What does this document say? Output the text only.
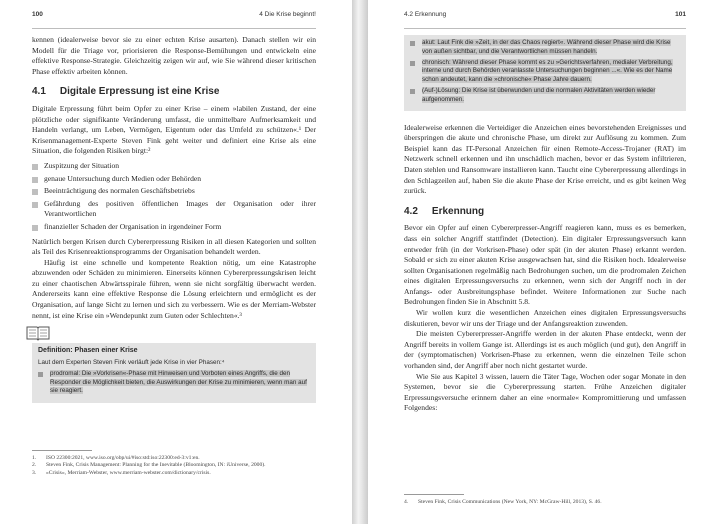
100	4 Die Krise beginnt!

kennen (idealerweise bevor sie zu einer echten Krise ausarten). Danach stellen wir ein Modell für die Triage vor, priorisieren die Response-Bemühungen und entwickeln eine effektive Response-Strategie. Gleichzeitig zeigen wir auf, wie Sie während dieser kritischen Phase effektiv arbeiten können.

4.1 Digitale Erpressung ist eine Krise

Digitale Erpressung führt beim Opfer zu einer Krise – einem »labilen Zustand, der eine plötzliche oder signifikante Veränderung umfasst, die unmittelbare Aufmerksamkeit und Handeln verlangt, um Leben, Vermögen, Eigentum oder das Umfeld zu schützen«.¹ Der Krisenmanagement-Experte Steven Fink geht weiter und definiert eine Krise als eine Situation, die folgenden Risiken birgt:²

Zuspitzung der Situation
genaue Untersuchung durch Medien oder Behörden
Beeinträchtigung des normalen Geschäftsbetriebs
Gefährdung des positiven öffentlichen Images der Organisation oder ihrer Verantwortlichen
finanzieller Schaden der Organisation in irgendeiner Form

Natürlich bergen Krisen durch Cybererpressung Risiken in all diesen Kategorien und sollten als Teil des Krisenreaktionsprogramms der Organisation behandelt werden.

Häufig ist eine schnelle und kompetente Reaktion nötig, um eine Katastrophe abzuwenden oder Schäden zu minimieren. Einerseits können Cybererpressungskrisen leicht zu einer chaotischen Abwärtsspirale führen, wenn sie nicht sorgfältig überwacht werden. Andererseits kann eine effektive Response die Lösung erleichtern und ermöglicht es der Organisation, auf lange Sicht zu lernen und sich zu verbessern. Wie es der Merriam-Webster nennt, ist eine Krise ein »Wendepunkt zum Guten oder Schlechten«.³

Definition: Phasen einer Krise
Laut dem Experten Steven Fink verläuft jede Krise in vier Phasen:⁴
prodromal: Die »Vorkrisen«-Phase mit Hinweisen und Vorboten eines Angriffs, die den Responder die Möglichkeit bieten, die Auswirkungen der Krise zu minimieren, wenn man auf sie reagiert.
1.	ISO 22300:2021, www.iso.org/obp/ui/#iso:std:iso:22300:ed-3:v1:en.
2.	Steven Fink, Crisis Management: Planning for the Inevitable (Bloomington, IN: iUniverse, 2000).
3.	»Crisis«, Merriam-Webster, www.merriam-webster.com/dictionary/crisis.
4.2 Erkennung	101
akut: Laut Fink die »Zeit, in der das Chaos regiert«. Während dieser Phase wird die Krise von außen sichtbar, und die Verantwortlichen müssen handeln.
chronisch: Während dieser Phase kommt es zu »Gerichtsverfahren, medialer Verbreitung, interne und durch Behörden veranlasste Untersuchungen beginnen ...«. Wie es der Name schon andeutet, kann die »chronische« Phase Jahre dauern.
(Auf-)Lösung: Die Krise ist überwunden und die normalen Aktivitäten werden wieder aufgenommen.

Idealerweise erkennen die Verteidiger die Anzeichen eines bevorstehenden Ereignisses und überspringen die akute und chronische Phase, um direkt zur Auflösung zu kommen. Zum Beispiel kann das IT-Personal Anzeichen für einen Remote-Access-Trojaner (RAT) im Netzwerk schnell erkennen und ihn unschädlich machen, bevor er das System infiltrieren, Daten stehlen und Ransomware installieren kann. Taucht eine Cybererpressung allerdings in den Schlagzeilen auf, haben Sie die akute Phase der Krise erreicht, und es gibt keinen Weg zurück.

4.2 Erkennung

Bevor ein Opfer auf einen Cybererpresser-Angriff reagieren kann, muss es es bemerken, dass ein solcher Angriff stattfindet (Detection). Ein digitaler Erpressungsversuch kann entweder früh (in der Vorkrisen-Phase) oder spät (in der akuten Phase) erkannt werden. Sobald er sich zu einer akuten Krise ausgewachsen hat, sind die Risiken hoch. Idealerweise sollten Organisationen regelmäßig nach Bedrohungen suchen, um die prodromalen Zeichen eines digitalen Erpressungsversuchs zu erkennen, wenn sich der Angriff noch in der Anfangs- oder Ausbreitungsphase befindet. Weitere Informationen zur Suche nach Bedrohungen finden Sie in Abschnitt 5.8.

Wir wollen kurz die wesentlichen Anzeichen eines digitalen Erpressungsversuchs diskutieren, bevor wir uns der Triage und der Anfangsreaktion zuwenden.

Die meisten Cybererpresser-Angriffe werden in der akuten Phase entdeckt, wenn der Angriff bereits in vollem Gange ist. Allerdings ist es auch möglich (und gut), den Angriff in der (symptomatischen) Vorkrisen-Phase zu erkennen, wenn die einzelnen Teile schon vorhanden sind, der Angriff aber noch nicht gestartet wurde.

Wie Sie aus Kapitel 3 wissen, lauern die Täter Tage, Wochen oder sogar Monate in den Systemen, bevor sie die Cybererpressung starten. Frühe Anzeichen digitaler Erpressungsversuche erinnern daher an eine »normale« Kompromittierung und umfassen Folgendes:

4.	Steven Fink, Crisis Communications (New York, NY: McGraw-Hill, 2013), S. 46.
